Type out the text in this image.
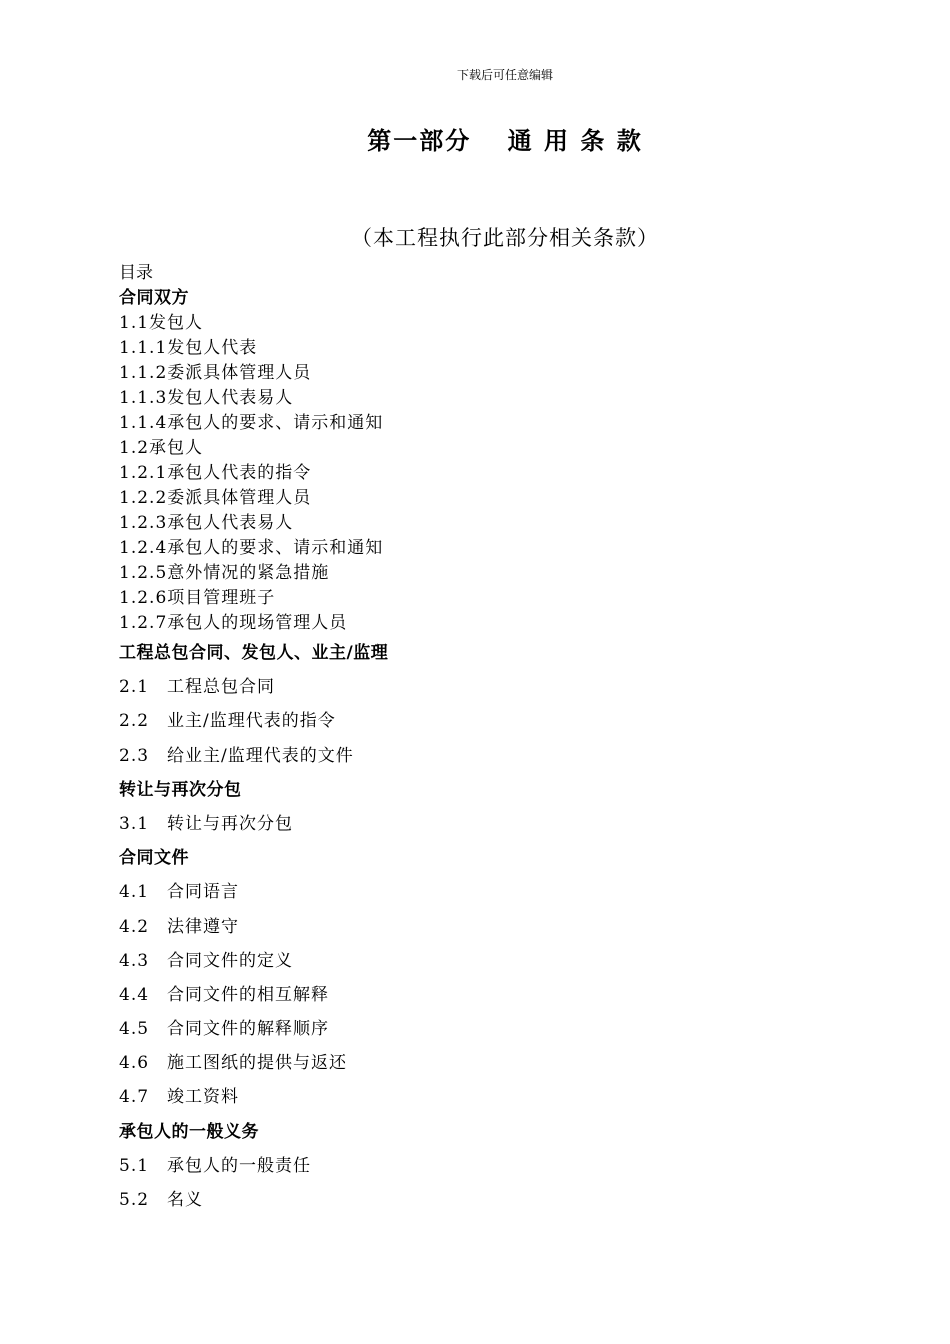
下载后可任意编辑
第一部分　 通 用 条 款
（本工程执行此部分相关条款）
目录
合同双方
1.1发包人
1.1.1发包人代表
1.1.2委派具体管理人员
1.1.3发包人代表易人
1.1.4承包人的要求、请示和通知
1.2承包人
1.2.1承包人代表的指令
1.2.2委派具体管理人员
1.2.3承包人代表易人
1.2.4承包人的要求、请示和通知
1.2.5意外情况的紧急措施
1.2.6项目管理班子
1.2.7承包人的现场管理人员
工程总包合同、发包人、业主/监理
2.1 工程总包合同
2.2 业主/监理代表的指令
2.3 给业主/监理代表的文件
转让与再次分包
3.1 转让与再次分包
合同文件
4.1 合同语言
4.2 法律遵守
4.3 合同文件的定义
4.4 合同文件的相互解释
4.5 合同文件的解释顺序
4.6 施工图纸的提供与返还
4.7 竣工资料
承包人的一般义务
5.1 承包人的一般责任
5.2 名义
